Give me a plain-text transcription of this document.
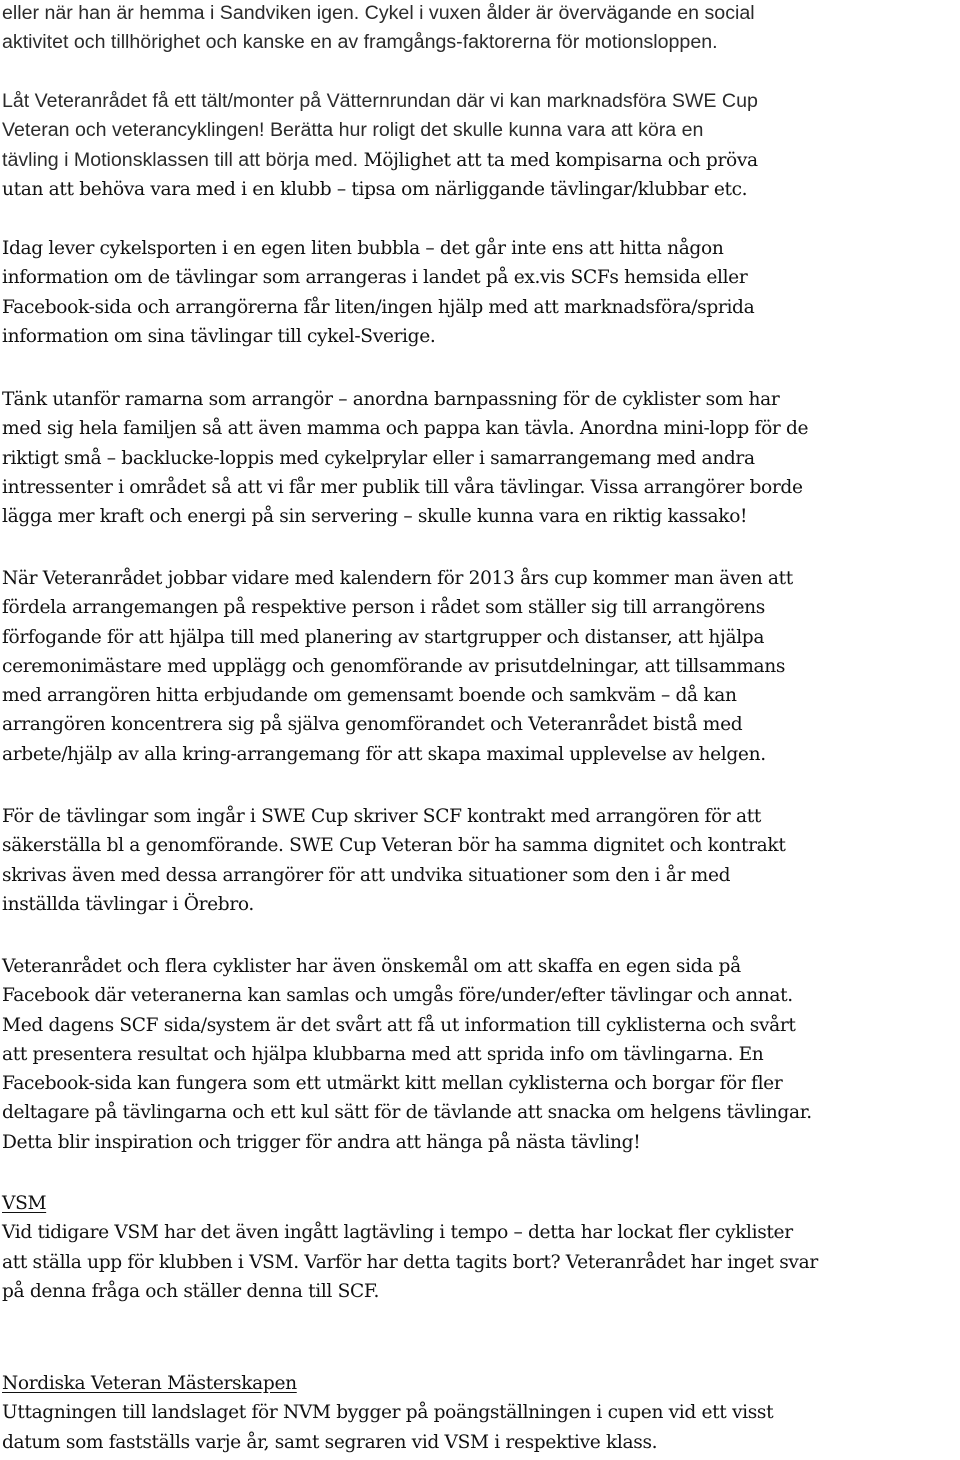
eller när han är hemma i Sandviken igen. Cykel i vuxen ålder är övervägande en social
aktivitet och tillhörighet och kanske en av framgångs-faktorerna för motionsloppen.
Låt Veteranrådet få ett tält/monter på Vätternrundan där vi kan marknadsföra SWE Cup
Veteran och veterancyklingen! Berätta hur roligt det skulle kunna vara att köra en
tävling i Motionsklassen till att börja med. Möjlighet att ta med kompisarna och pröva
utan att behöva vara med i en klubb – tipsa om närliggande tävlingar/klubbar etc.
Idag lever cykelsporten i en egen liten bubbla – det går inte ens att hitta någon
information om de tävlingar som arrangeras i landet på ex.vis SCFs hemsida eller
Facebook-sida och arrangörerna får liten/ingen hjälp med att marknadsföra/sprida
information om sina tävlingar till cykel-Sverige.
Tänk utanför ramarna som arrangör – anordna barnpassning för de cyklister som har
med sig hela familjen så att även mamma och pappa kan tävla. Anordna mini-lopp för de
riktigt små – backlucke-loppis med cykelprylar eller i samarrangemang med andra
intressenter i området så att vi får mer publik till våra tävlingar. Vissa arrangörer borde
lägga mer kraft och energi på sin servering – skulle kunna vara en riktig kassako!
När Veteranrådet jobbar vidare med kalendern för 2013 års cup kommer man även att
fördela arrangemangen på respektive person i rådet som ställer sig till arrangörens
förfogande för att hjälpa till med planering av startgrupper och distanser, att hjälpa
ceremonimästare med upplägg och genomförande av prisutdelningar, att tillsammans
med arrangören hitta erbjudande om gemensamt boende och samkväm – då kan
arrangören koncentrera sig på själva genomförandet och Veteranrådet bistå med
arbete/hjälp av alla kring-arrangemang för att skapa maximal upplevelse av helgen.
För de tävlingar som ingår i SWE Cup skriver SCF kontrakt med arrangören för att
säkerställa bl a genomförande. SWE Cup Veteran bör ha samma dignitet och kontrakt
skrivas även med dessa arrangörer för att undvika situationer som den i år med
inställda tävlingar i Örebro.
Veteranrådet och flera cyklister har även önskemål om att skaffa en egen sida på
Facebook där veteranerna kan samlas och umgås före/under/efter tävlingar och annat.
Med dagens SCF sida/system är det svårt att få ut information till cyklisterna och svårt
att presentera resultat och hjälpa klubbarna med att sprida info om tävlingarna. En
Facebook-sida kan fungera som ett utmärkt kitt mellan cyklisterna och borgar för fler
deltagare på tävlingarna och ett kul sätt för de tävlande att snacka om helgens tävlingar.
Detta blir inspiration och trigger för andra att hänga på nästa tävling!
VSM
Vid tidigare VSM har det även ingått lagtävling i tempo – detta har lockat fler cyklister
att ställa upp för klubben i VSM. Varför har detta tagits bort? Veteranrådet har inget svar
på denna fråga och ställer denna till SCF.
Nordiska Veteran Mästerskapen
Uttagningen till landslaget för NVM bygger på poängställningen i cupen vid ett visst
datum som fastställs varje år, samt segraren vid VSM i respektive klass.
